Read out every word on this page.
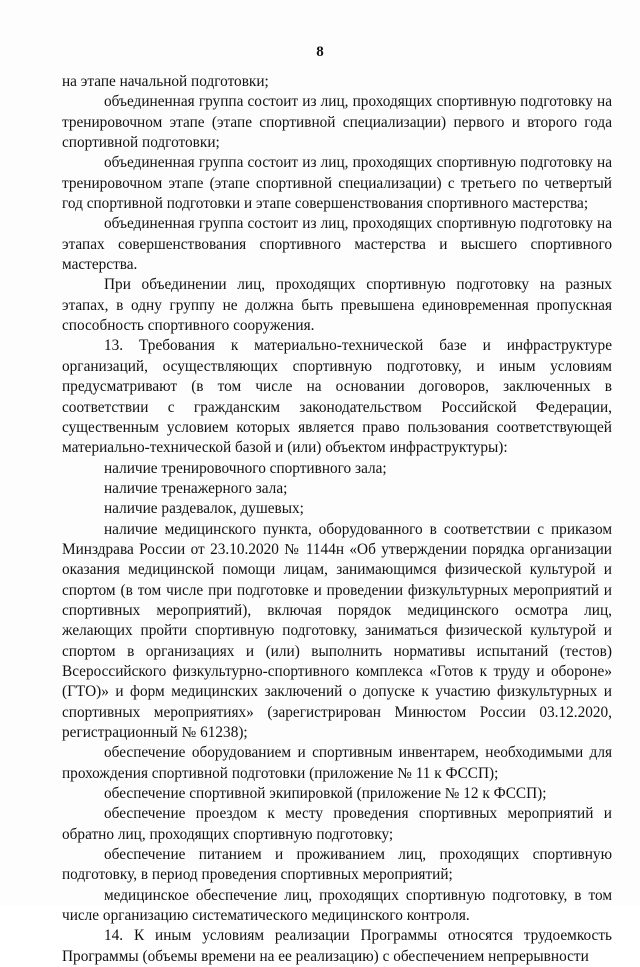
8

на этапе начальной подготовки;

объединенная группа состоит из лиц, проходящих спортивную подготовку на тренировочном этапе (этапе спортивной специализации) первого и второго года спортивной подготовки;

объединенная группа состоит из лиц, проходящих спортивную подготовку на тренировочном этапе (этапе спортивной специализации) с третьего по четвертый год спортивной подготовки и этапе совершенствования спортивного мастерства;

объединенная группа состоит из лиц, проходящих спортивную подготовку на этапах совершенствования спортивного мастерства и высшего спортивного мастерства.

При объединении лиц, проходящих спортивную подготовку на разных этапах, в одну группу не должна быть превышена единовременная пропускная способность спортивного сооружения.

13. Требования к материально-технической базе и инфраструктуре организаций, осуществляющих спортивную подготовку, и иным условиям предусматривают (в том числе на основании договоров, заключенных в соответствии с гражданским законодательством Российской Федерации, существенным условием которых является право пользования соответствующей материально-технической базой и (или) объектом инфраструктуры):

наличие тренировочного спортивного зала;

наличие тренажерного зала;

наличие раздевалок, душевых;

наличие медицинского пункта, оборудованного в соответствии с приказом Минздрава России от 23.10.2020 № 1144н «Об утверждении порядка организации оказания медицинской помощи лицам, занимающимся физической культурой и спортом (в том числе при подготовке и проведении физкультурных мероприятий и спортивных мероприятий), включая порядок медицинского осмотра лиц, желающих пройти спортивную подготовку, заниматься физической культурой и спортом в организациях и (или) выполнить нормативы испытаний (тестов) Всероссийского физкультурно-спортивного комплекса «Готов к труду и обороне» (ГТО)» и форм медицинских заключений о допуске к участию физкультурных и спортивных мероприятиях» (зарегистрирован Минюстом России 03.12.2020, регистрационный № 61238);

обеспечение оборудованием и спортивным инвентарем, необходимыми для прохождения спортивной подготовки (приложение № 11 к ФССП);

обеспечение спортивной экипировкой (приложение № 12 к ФССП);

обеспечение проездом к месту проведения спортивных мероприятий и обратно лиц, проходящих спортивную подготовку;

обеспечение питанием и проживанием лиц, проходящих спортивную подготовку, в период проведения спортивных мероприятий;

медицинское обеспечение лиц, проходящих спортивную подготовку, в том числе организацию систематического медицинского контроля.

14. К иным условиям реализации Программы относятся трудоемкость Программы (объемы времени на ее реализацию) с обеспечением непрерывности
